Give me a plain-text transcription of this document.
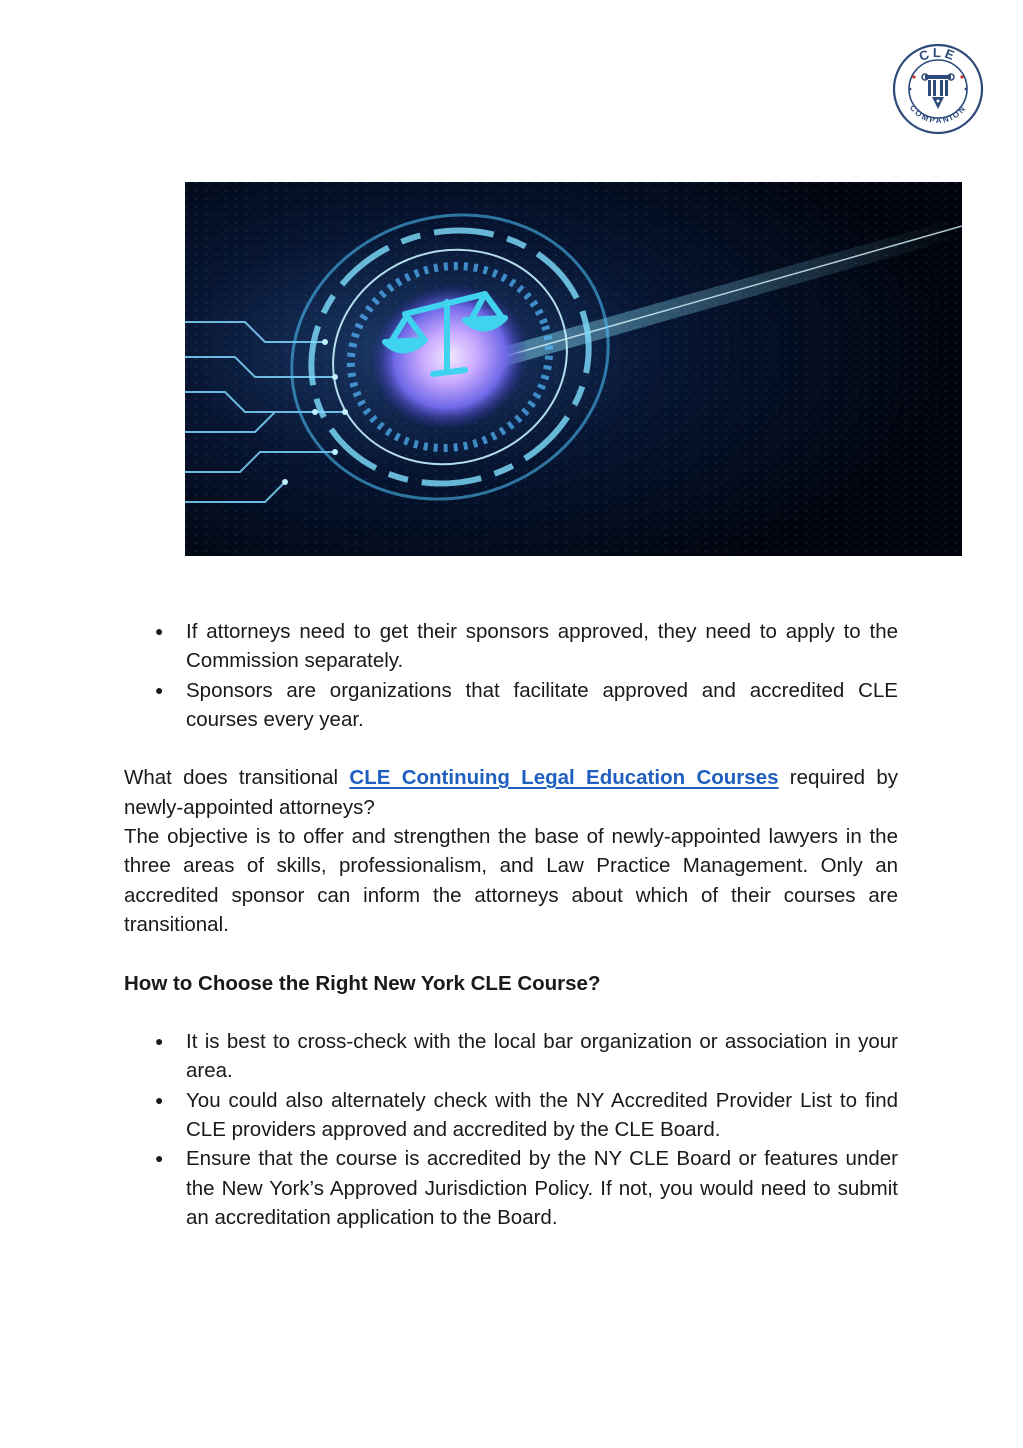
CLE
COMPANION
● If attorneys need to get their sponsors approved, they need to apply to the Commission separately.
● Sponsors are organizations that facilitate approved and accredited CLE courses every year.

What does transitional CLE Continuing Legal Education Courses required by newly-appointed attorneys?

The objective is to offer and strengthen the base of newly-appointed lawyers in the three areas of skills, professionalism, and Law Practice Management. Only an accredited sponsor can inform the attorneys about which of their courses are transitional.

How to Choose the Right New York CLE Course?

● It is best to cross-check with the local bar organization or association in your area.
● You could also alternately check with the NY Accredited Provider List to find CLE providers approved and accredited by the CLE Board.
● Ensure that the course is accredited by the NY CLE Board or features under the New York’s Approved Jurisdiction Policy. If not, you would need to submit an accreditation application to the Board.
